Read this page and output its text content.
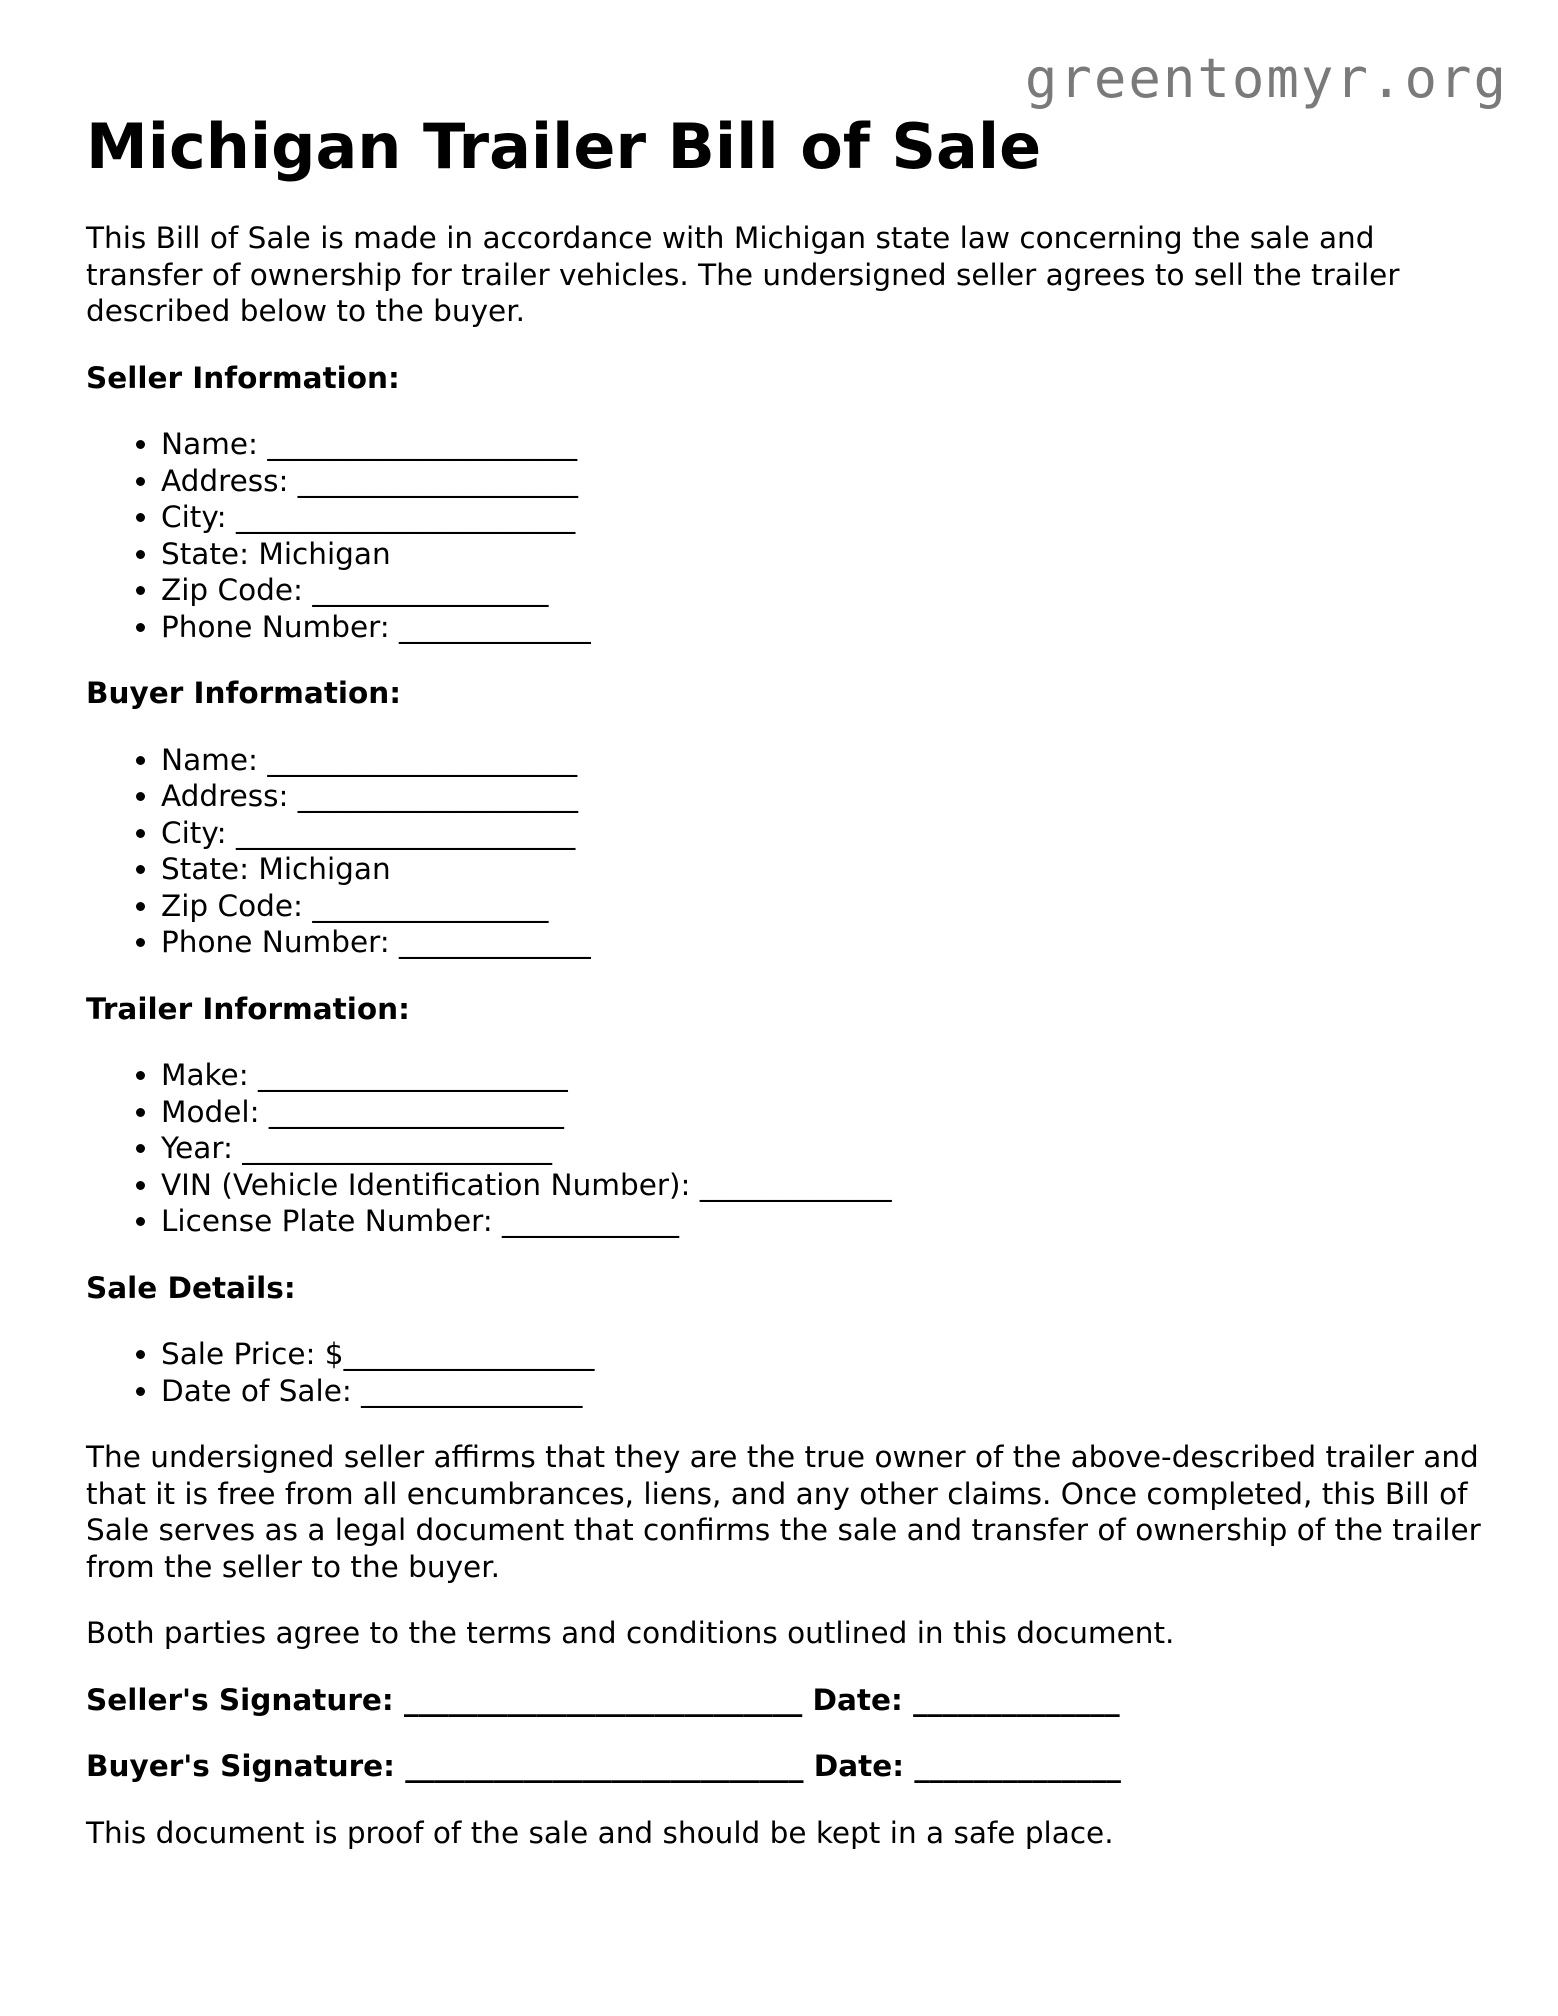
greentomyr.org
Michigan Trailer Bill of Sale

This Bill of Sale is made in accordance with Michigan state law concerning the sale and transfer of ownership for trailer vehicles. The undersigned seller agrees to sell the trailer described below to the buyer.

Seller Information:
• Name: _____________________
• Address: ___________________
• City: _______________________
• State: Michigan
• Zip Code: ________________
• Phone Number: _____________
Buyer Information:
• Name: _____________________
• Address: ___________________
• City: _______________________
• State: Michigan
• Zip Code: ________________
• Phone Number: _____________
Trailer Information:
• Make: _____________________
• Model: ____________________
• Year: _____________________
• VIN (Vehicle Identification Number): _____________
• License Plate Number: ____________
Sale Details:
• Sale Price: $_________________
• Date of Sale: _______________

The undersigned seller affirms that they are the true owner of the above-described trailer and that it is free from all encumbrances, liens, and any other claims. Once completed, this Bill of Sale serves as a legal document that confirms the sale and transfer of ownership of the trailer from the seller to the buyer.

Both parties agree to the terms and conditions outlined in this document.

Seller's Signature: ___________________________ Date: ______________
Buyer's Signature: ___________________________ Date: ______________

This document is proof of the sale and should be kept in a safe place.
